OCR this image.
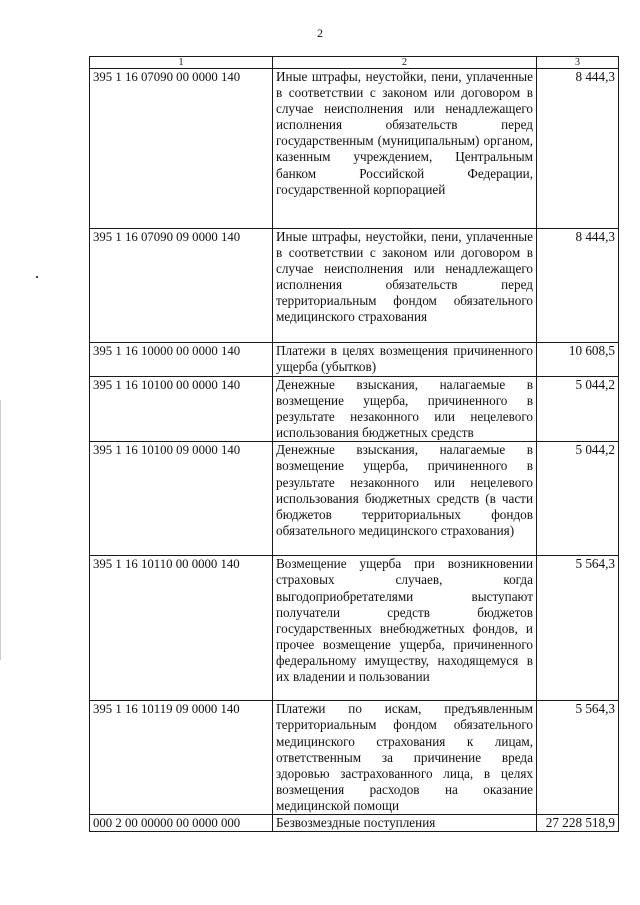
2
1	2	3
395 1 16 07090 00 0000 140	Иные штрафы, неустойки, пени, уплаченные в соответствии с законом или договором в случае неисполнения или ненадлежащего исполнения обязательств перед государственным (муниципальным) органом, казенным учреждением, Центральным банком Российской Федерации, государственной корпорацией	8 444,3
395 1 16 07090 09 0000 140	Иные штрафы, неустойки, пени, уплаченные в соответствии с законом или договором в случае неисполнения или ненадлежащего исполнения обязательств перед территориальным фондом обязательного медицинского страхования	8 444,3
395 1 16 10000 00 0000 140	Платежи в целях возмещения причиненного ущерба (убытков)	10 608,5
395 1 16 10100 00 0000 140	Денежные взыскания, налагаемые в возмещение ущерба, причиненного в результате незаконного или нецелевого использования бюджетных средств	5 044,2
395 1 16 10100 09 0000 140	Денежные взыскания, налагаемые в возмещение ущерба, причиненного в результате незаконного или нецелевого использования бюджетных средств (в части бюджетов территориальных фондов обязательного медицинского страхования)	5 044,2
395 1 16 10110 00 0000 140	Возмещение ущерба при возникновении страховых случаев, когда выгодоприобретателями выступают получатели средств бюджетов государственных внебюджетных фондов, и прочее возмещение ущерба, причиненного федеральному имуществу, находящемуся в их владении и пользовании	5 564,3
395 1 16 10119 09 0000 140	Платежи по искам, предъявленным территориальным фондом обязательного медицинского страхования к лицам, ответственным за причинение вреда здоровью застрахованного лица, в целях возмещения расходов на оказание медицинской помощи	5 564,3
000 2 00 00000 00 0000 000	Безвозмездные поступления	27 228 518,9
